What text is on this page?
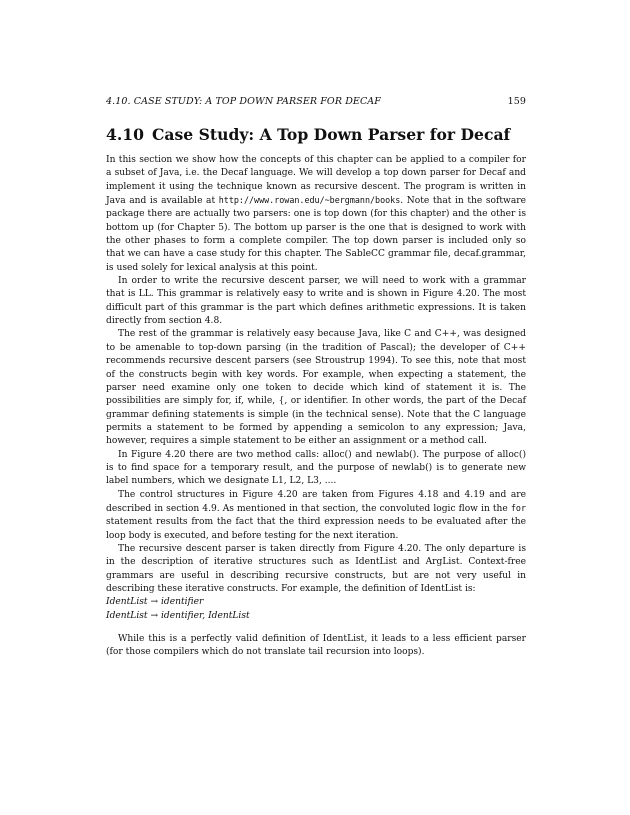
4.10. CASE STUDY: A TOP DOWN PARSER FOR DECAF	159
4.10 Case Study: A Top Down Parser for Decaf

In this section we show how the concepts of this chapter can be applied to a compiler for a subset of Java, i.e. the Decaf language. We will develop a top down parser for Decaf and implement it using the technique known as recursive descent. The program is written in Java and is available at http://www.rowan.edu/~bergmann/books. Note that in the software package there are actually two parsers: one is top down (for this chapter) and the other is bottom up (for Chapter 5). The bottom up parser is the one that is designed to work with the other phases to form a complete compiler. The top down parser is included only so that we can have a case study for this chapter. The SableCC grammar file, decaf.grammar, is used solely for lexical analysis at this point.

In order to write the recursive descent parser, we will need to work with a grammar that is LL. This grammar is relatively easy to write and is shown in Figure 4.20. The most difficult part of this grammar is the part which defines arithmetic expressions. It is taken directly from section 4.8.

The rest of the grammar is relatively easy because Java, like C and C++, was designed to be amenable to top-down parsing (in the tradition of Pascal); the developer of C++ recommends recursive descent parsers (see Stroustrup 1994). To see this, note that most of the constructs begin with key words. For example, when expecting a statement, the parser need examine only one token to decide which kind of statement it is. The possibilities are simply for, if, while, {, or identifier. In other words, the part of the Decaf grammar defining statements is simple (in the technical sense). Note that the C language permits a statement to be formed by appending a semicolon to any expression; Java, however, requires a simple statement to be either an assignment or a method call.

In Figure 4.20 there are two method calls: alloc() and newlab(). The purpose of alloc() is to find space for a temporary result, and the purpose of newlab() is to generate new label numbers, which we designate L1, L2, L3, ....

The control structures in Figure 4.20 are taken from Figures 4.18 and 4.19 and are described in section 4.9. As mentioned in that section, the convoluted logic flow in the for statement results from the fact that the third expression needs to be evaluated after the loop body is executed, and before testing for the next iteration.

The recursive descent parser is taken directly from Figure 4.20. The only departure is in the description of iterative structures such as IdentList and ArgList. Context-free grammars are useful in describing recursive constructs, but are not very useful in describing these iterative constructs. For example, the definition of IdentList is:

IdentList → identifier
IdentList → identifier, IdentList

While this is a perfectly valid definition of IdentList, it leads to a less efficient parser (for those compilers which do not translate tail recursion into loops).
